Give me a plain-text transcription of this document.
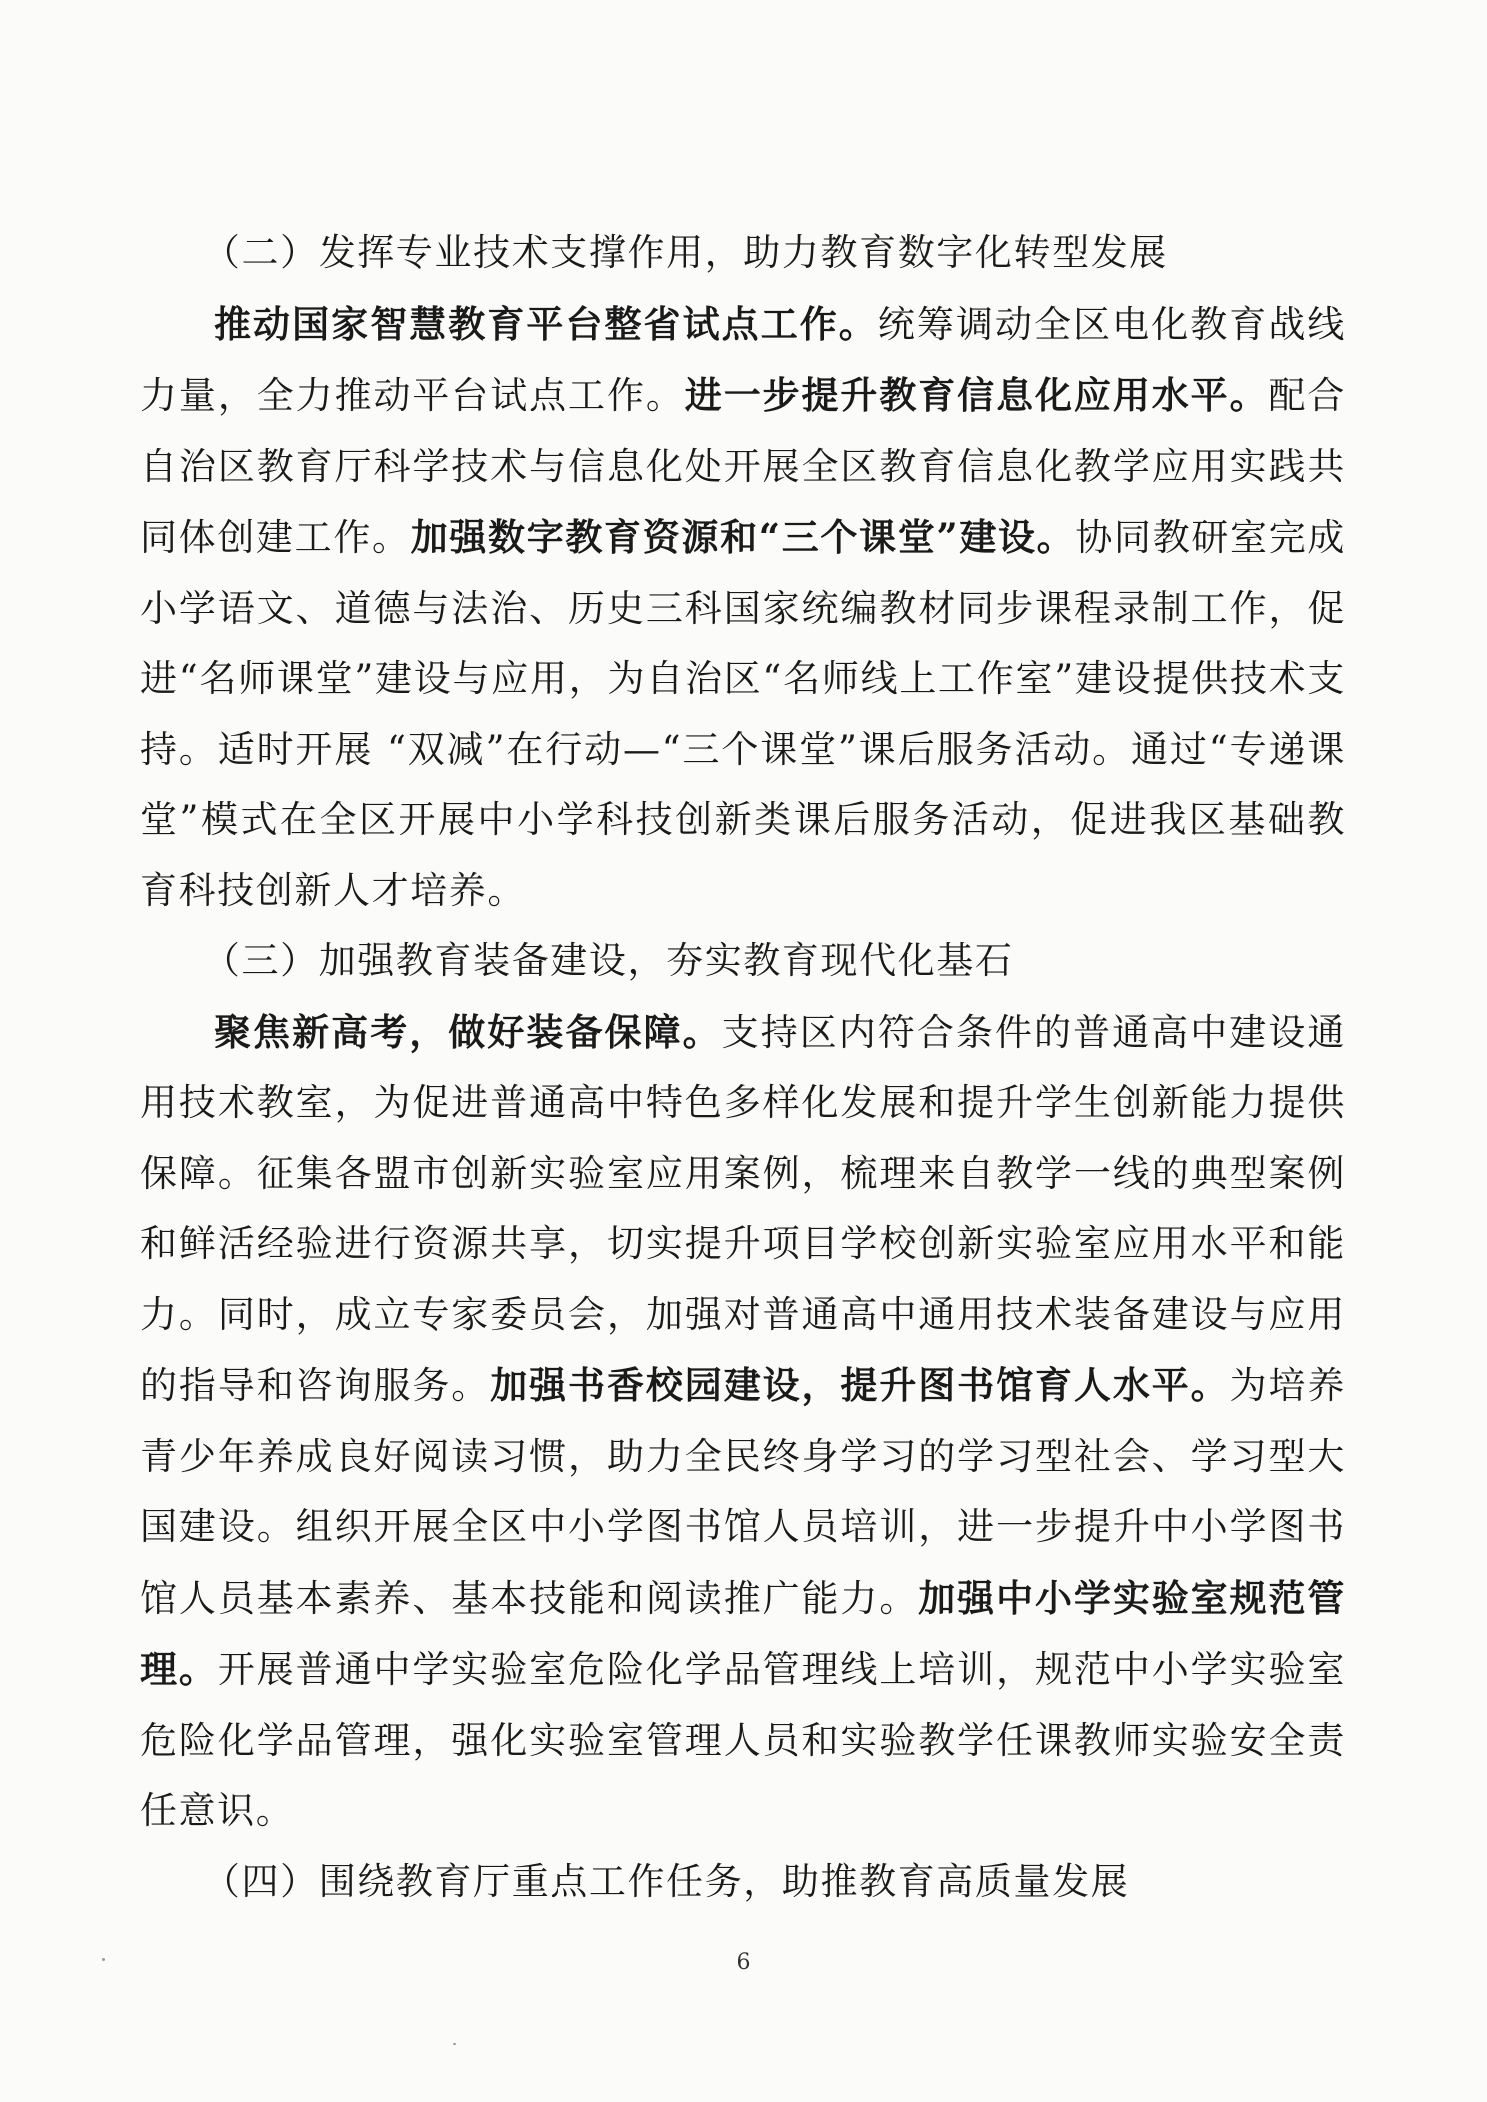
（二）发挥专业技术支撑作用，助力教育数字化转型发展

推动国家智慧教育平台整省试点工作。统筹调动全区电化教育战线力量，全力推动平台试点工作。进一步提升教育信息化应用水平。配合自治区教育厅科学技术与信息化处开展全区教育信息化教学应用实践共同体创建工作。加强数字教育资源和“三个课堂”建设。协同教研室完成小学语文、道德与法治、历史三科国家统编教材同步课程录制工作，促进“名师课堂”建设与应用，为自治区“名师线上工作室”建设提供技术支持。适时开展 “双减”在行动—“三个课堂”课后服务活动。通过“专递课堂”模式在全区开展中小学科技创新类课后服务活动，促进我区基础教育科技创新人才培养。

（三）加强教育装备建设，夯实教育现代化基石

聚焦新高考，做好装备保障。支持区内符合条件的普通高中建设通用技术教室，为促进普通高中特色多样化发展和提升学生创新能力提供保障。征集各盟市创新实验室应用案例，梳理来自教学一线的典型案例和鲜活经验进行资源共享，切实提升项目学校创新实验室应用水平和能力。同时，成立专家委员会，加强对普通高中通用技术装备建设与应用的指导和咨询服务。加强书香校园建设，提升图书馆育人水平。为培养青少年养成良好阅读习惯，助力全民终身学习的学习型社会、学习型大国建设。组织开展全区中小学图书馆人员培训，进一步提升中小学图书馆人员基本素养、基本技能和阅读推广能力。加强中小学实验室规范管理。开展普通中学实验室危险化学品管理线上培训，规范中小学实验室危险化学品管理，强化实验室管理人员和实验教学任课教师实验安全责任意识。

（四）围绕教育厅重点工作任务，助推教育高质量发展

6
